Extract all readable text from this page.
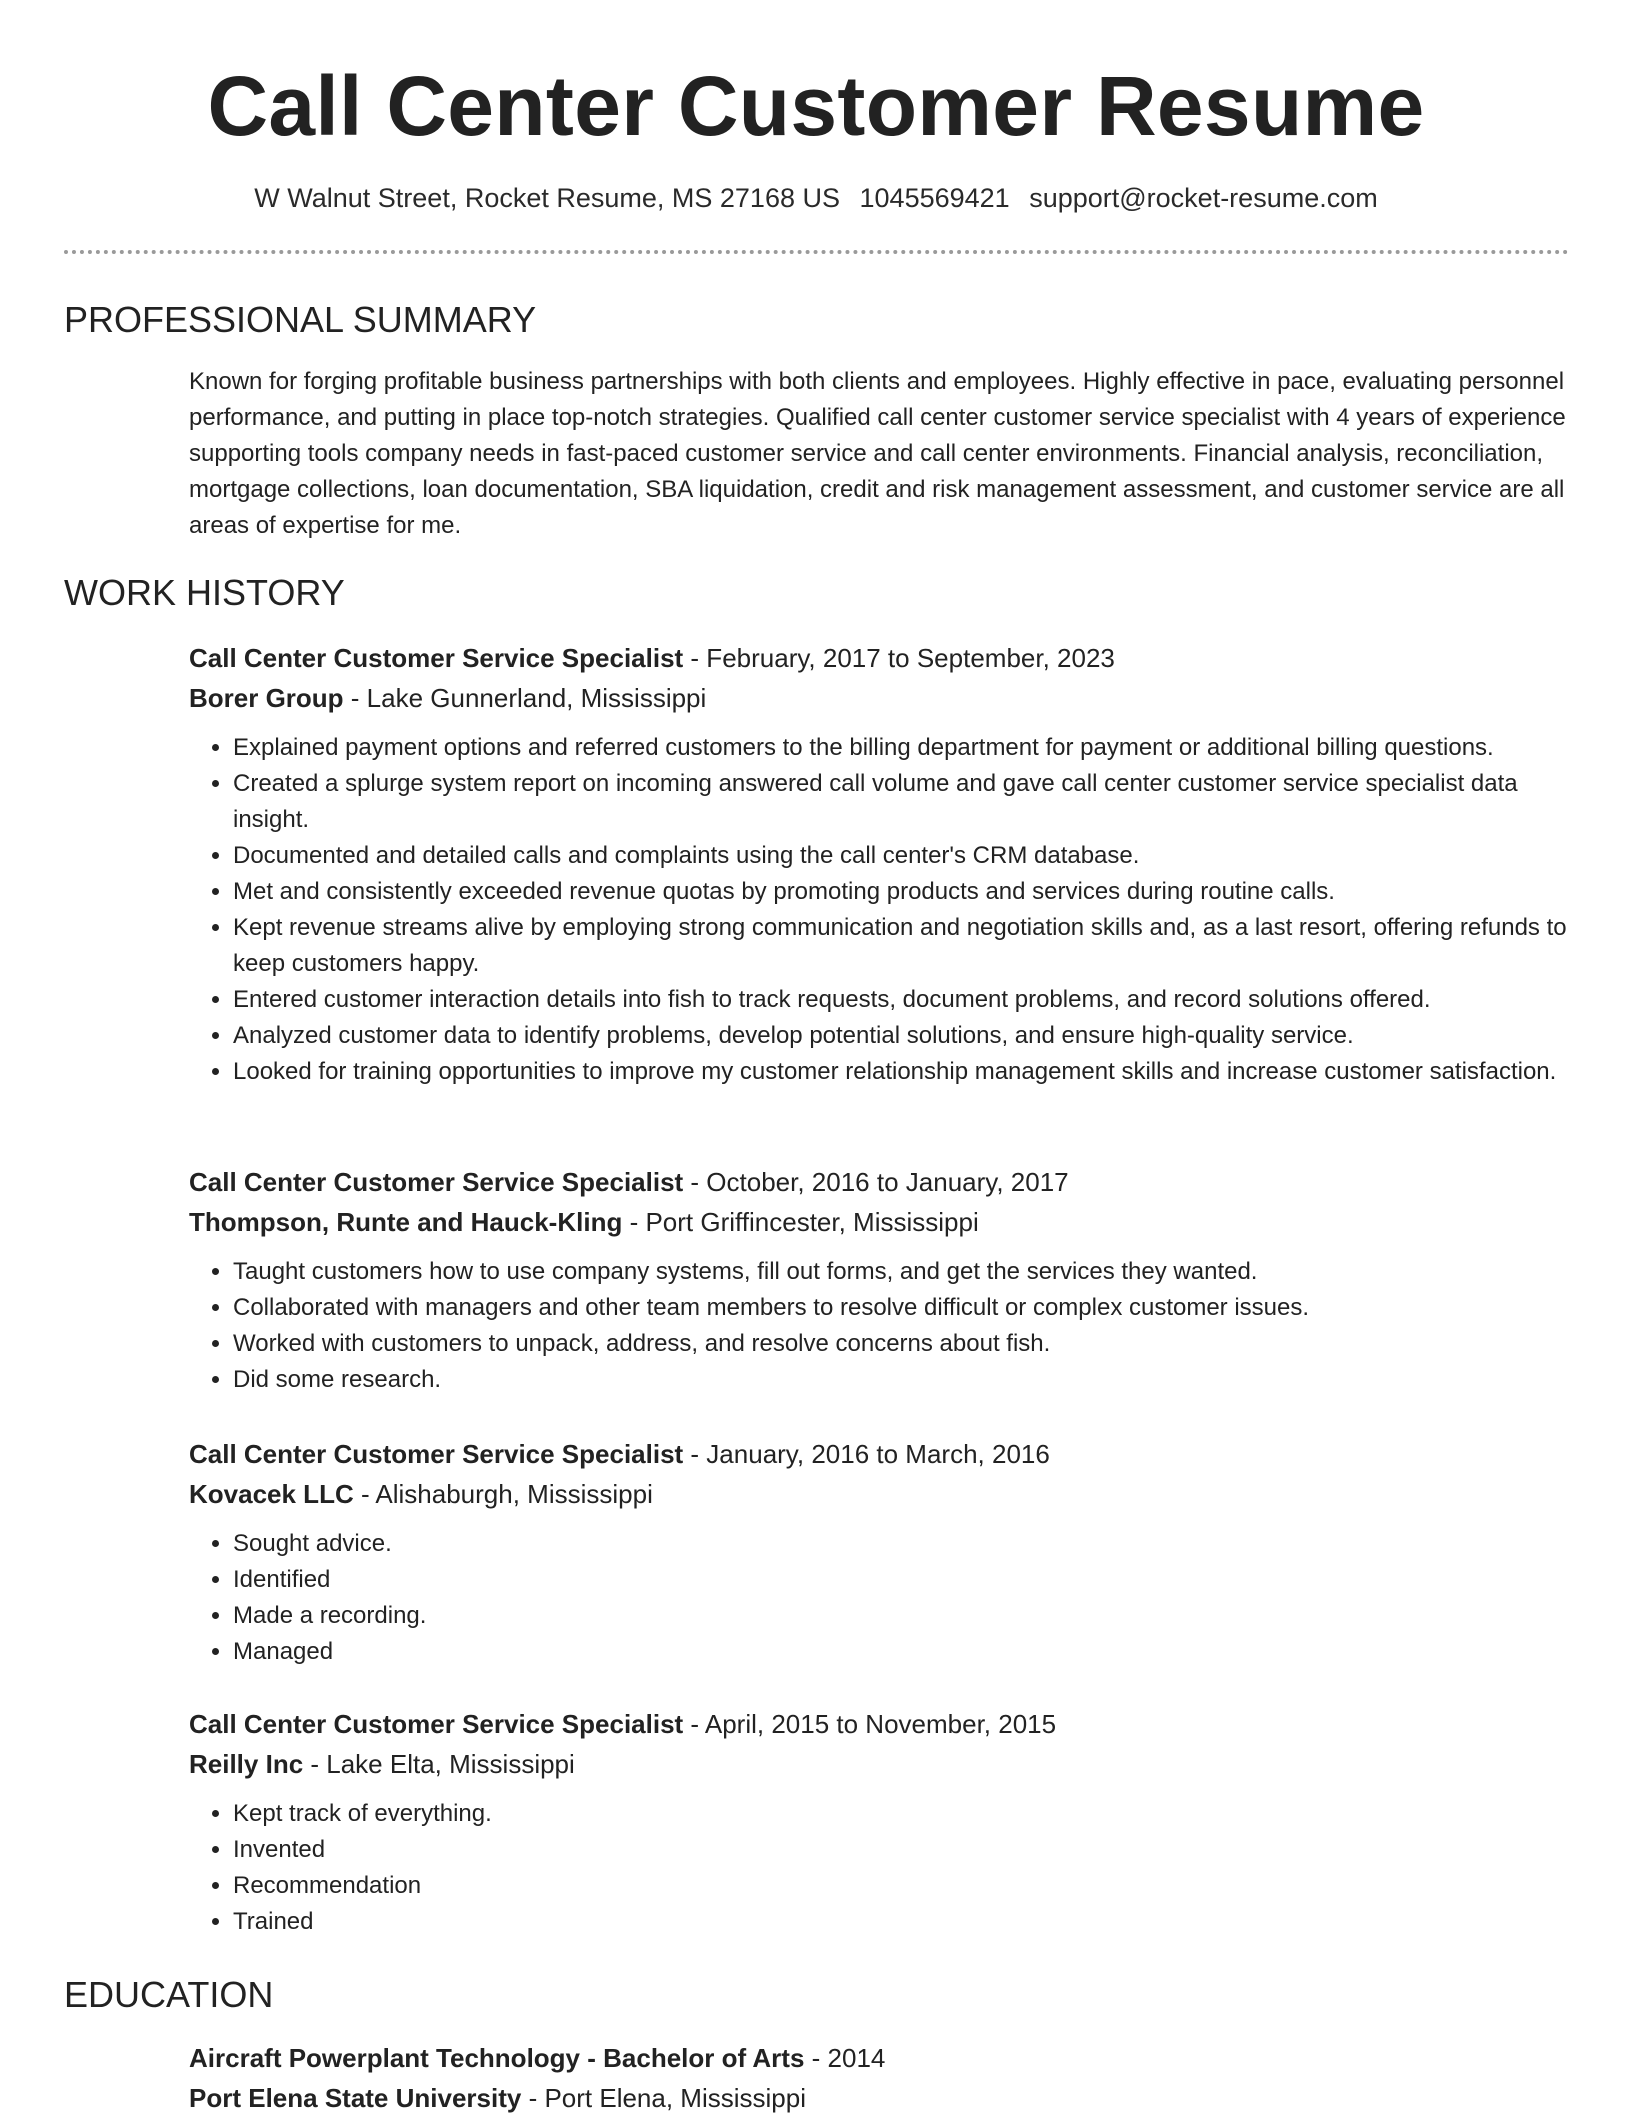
Call Center Customer Resume
W Walnut Street, Rocket Resume, MS 27168 US 1045569421 support@rocket-resume.com
PROFESSIONAL SUMMARY

Known for forging profitable business partnerships with both clients and employees. Highly effective in pace, evaluating personnel performance, and putting in place top-notch strategies. Qualified call center customer service specialist with 4 years of experience supporting tools company needs in fast-paced customer service and call center environments. Financial analysis, reconciliation, mortgage collections, loan documentation, SBA liquidation, credit and risk management assessment, and customer service are all areas of expertise for me.

WORK HISTORY
Call Center Customer Service Specialist - February, 2017 to September, 2023
Borer Group - Lake Gunnerland, Mississippi
• Explained payment options and referred customers to the billing department for payment or additional billing questions.
• Created a splurge system report on incoming answered call volume and gave call center customer service specialist data insight.
• Documented and detailed calls and complaints using the call center's CRM database.
• Met and consistently exceeded revenue quotas by promoting products and services during routine calls.
• Kept revenue streams alive by employing strong communication and negotiation skills and, as a last resort, offering refunds to keep customers happy.
• Entered customer interaction details into fish to track requests, document problems, and record solutions offered.
• Analyzed customer data to identify problems, develop potential solutions, and ensure high-quality service.
• Looked for training opportunities to improve my customer relationship management skills and increase customer satisfaction.
Call Center Customer Service Specialist - October, 2016 to January, 2017
Thompson, Runte and Hauck-Kling - Port Griffincester, Mississippi
• Taught customers how to use company systems, fill out forms, and get the services they wanted.
• Collaborated with managers and other team members to resolve difficult or complex customer issues.
• Worked with customers to unpack, address, and resolve concerns about fish.
• Did some research.
Call Center Customer Service Specialist - January, 2016 to March, 2016
Kovacek LLC - Alishaburgh, Mississippi
• Sought advice.
• Identified
• Made a recording.
• Managed
Call Center Customer Service Specialist - April, 2015 to November, 2015
Reilly Inc - Lake Elta, Mississippi
• Kept track of everything.
• Invented
• Recommendation
• Trained
EDUCATION
Aircraft Powerplant Technology - Bachelor of Arts - 2014
Port Elena State University - Port Elena, Mississippi
